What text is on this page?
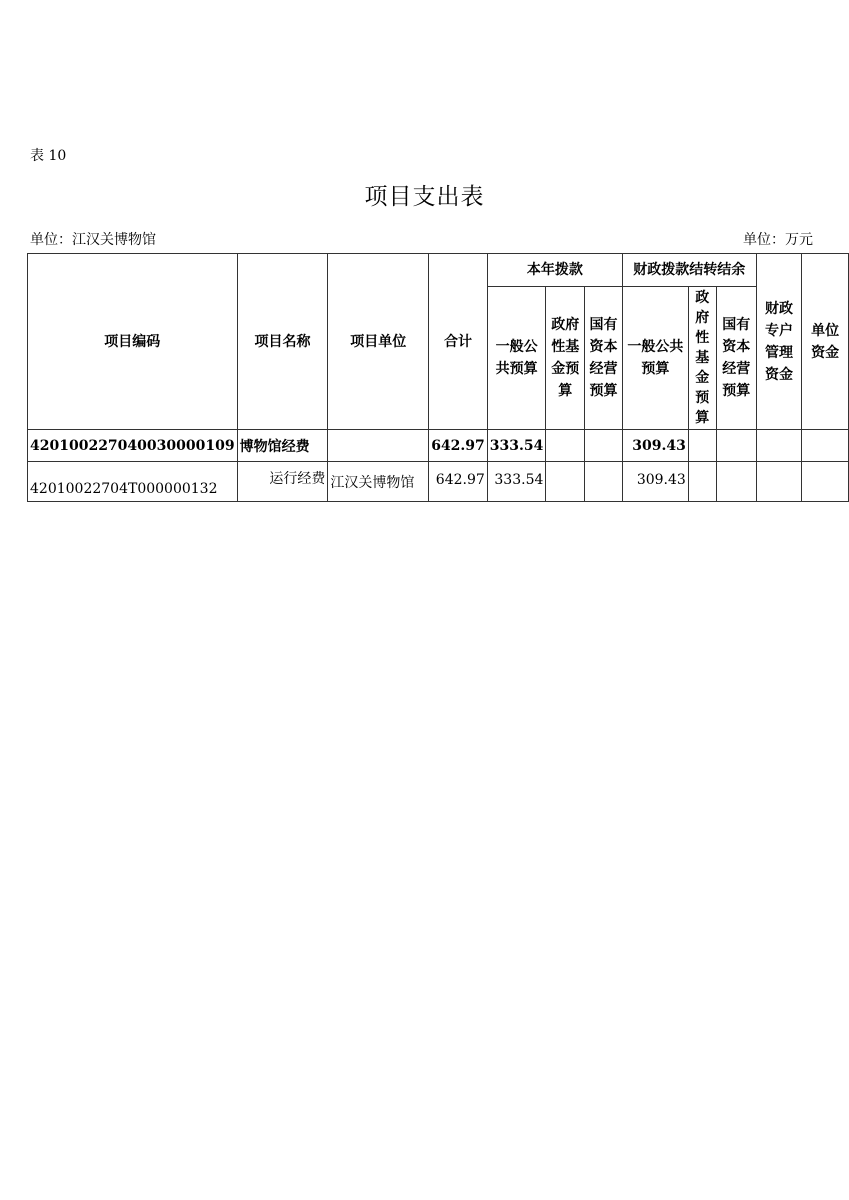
表 10
项目支出表
单位：江汉关博物馆	单位：万元
项目编码	项目名称	项目单位	合计	本年拨款			财政拨款结转结余			财政专户管理资金	单位资金
				一般公共预算	政府性基金预算	国有资本经营预算	一般公共预算	政府性基金预算	国有资本经营预算		
420100227040030000109	博物馆经费		642.97	333.54			309.43				
42010022704T000000132	运行经费	江汉关博物馆	642.97	333.54			309.43				
